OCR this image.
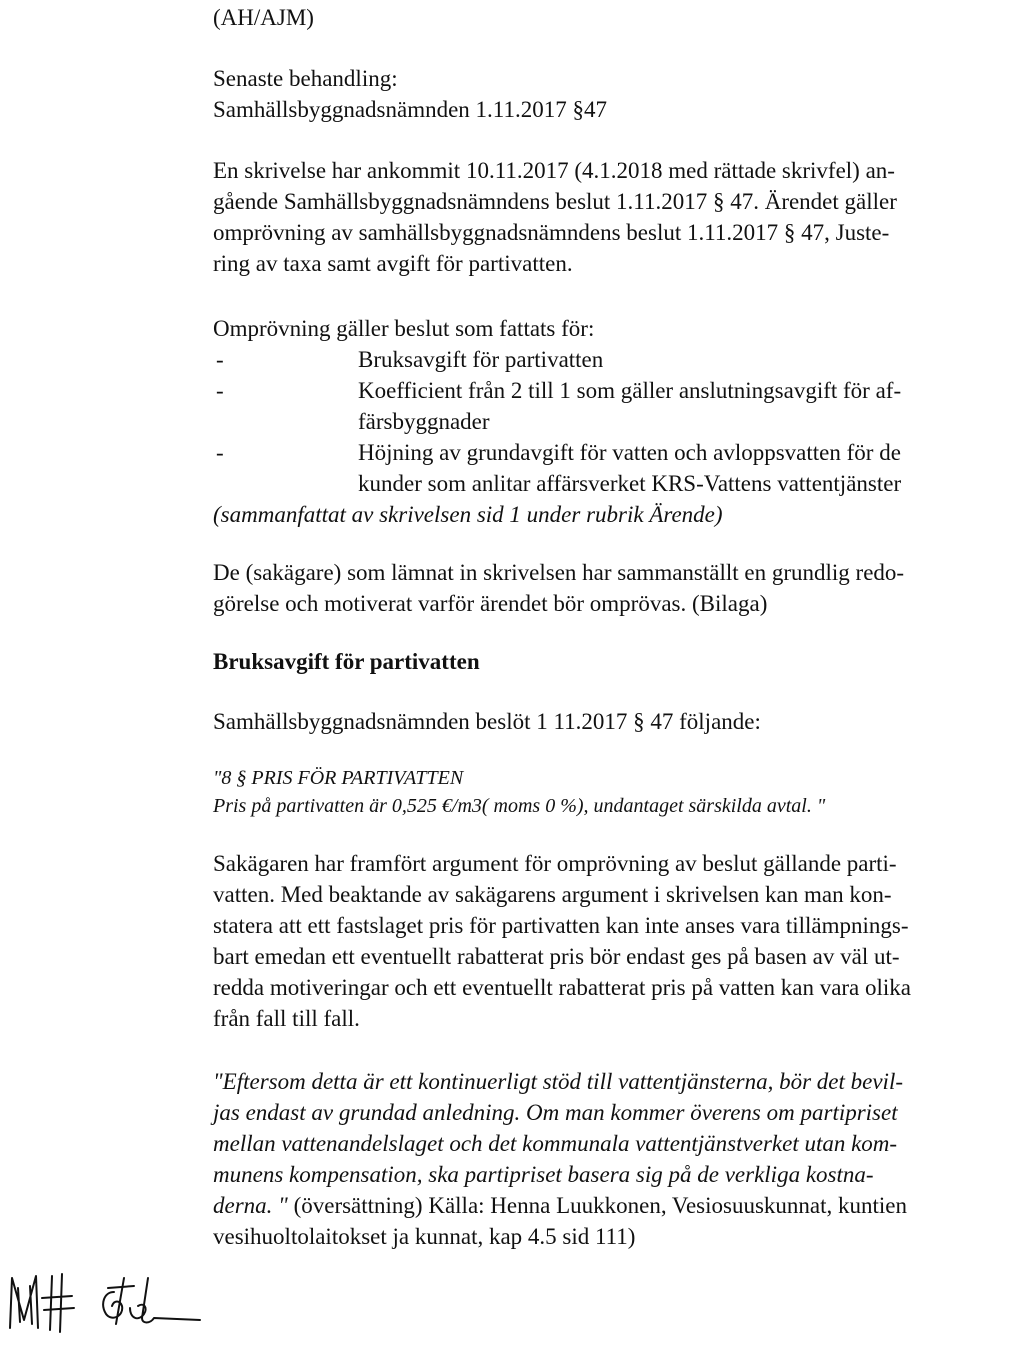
(AH/AJM)

Senaste behandling:

Samhällsbyggnadsnämnden 1.11.2017 §47

En skrivelse har ankommit 10.11.2017 (4.1.2018 med rättade skrivfel) an-

gående Samhällsbyggnadsnämndens beslut 1.11.2017 § 47. Ärendet gäller

omprövning av samhällsbyggnadsnämndens beslut 1.11.2017 § 47, Juste-

ring av taxa samt avgift för partivatten.

Omprövning gäller beslut som fattats för:

-	Bruksavgift för partivatten

-	Koefficient från 2 till 1 som gäller anslutningsavgift för af-

färsbyggnader

-	Höjning av grundavgift för vatten och avloppsvatten för de

kunder som anlitar affärsverket KRS-Vattens vattentjänster

(sammanfattat av skrivelsen sid 1 under rubrik Ärende)

De (sakägare) som lämnat in skrivelsen har sammanställt en grundlig redo-

görelse och motiverat varför ärendet bör omprövas. (Bilaga)

Bruksavgift för partivatten

Samhällsbyggnadsnämnden beslöt 1 11.2017 § 47 följande:

"8 § PRIS FÖR PARTIVATTEN

Pris på partivatten är 0,525 €/m3( moms 0 %), undantaget särskilda avtal. "

Sakägaren har framfört argument för omprövning av beslut gällande parti-

vatten. Med beaktande av sakägarens argument i skrivelsen kan man kon-

statera att ett fastslaget pris för partivatten kan inte anses vara tillämpnings-

bart emedan ett eventuellt rabatterat pris bör endast ges på basen av väl ut-

redda motiveringar och ett eventuellt rabatterat pris på vatten kan vara olika

från fall till fall.

"Eftersom detta är ett kontinuerligt stöd till vattentjänsterna, bör det bevil-

jas endast av grundad anledning. Om man kommer överens om partipriset

mellan vattenandelslaget och det kommunala vattentjänstverket utan kom-

munens kompensation, ska partipriset basera sig på de verkliga kostna-

derna. " (översättning) Källa: Henna Luukkonen, Vesiosuuskunnat, kuntien

vesihuoltolaitokset ja kunnat, kap 4.5 sid 111)
